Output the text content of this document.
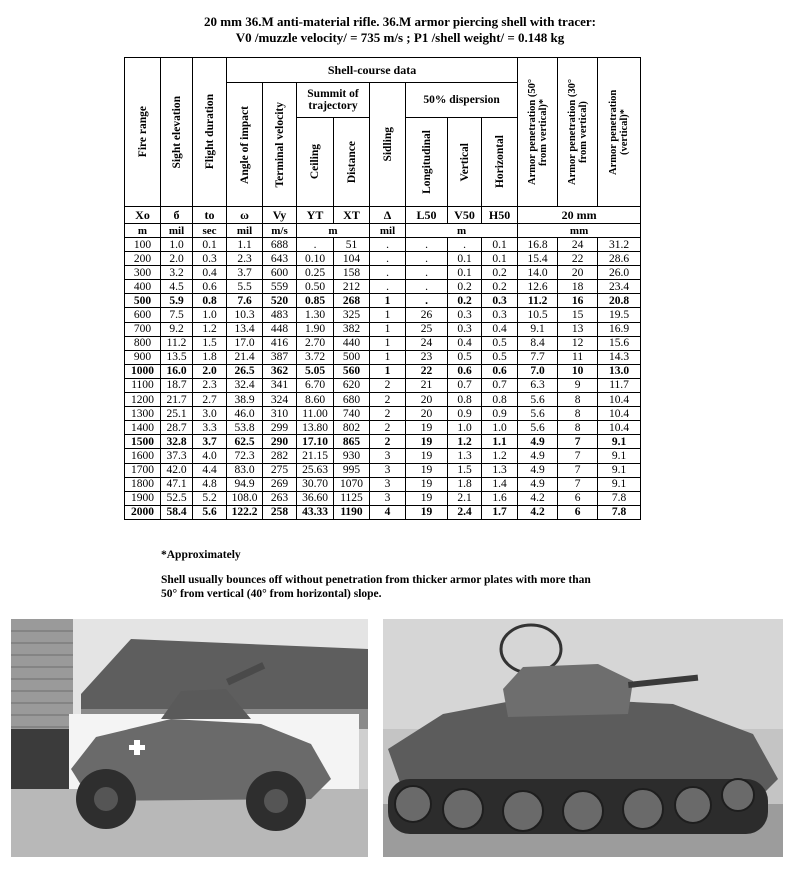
20 mm 36.M anti-material rifle. 36.M armor piercing shell with tracer:
V0 /muzzle velocity/ = 735 m/s ; P1 /shell weight/ = 0.148 kg
Fire range	Sight elevation	Flight duration	Shell-course data								Armor penetration (50° from vertical)*	Armor penetration (30° from vertical)	Armor penetration (vertical)*

			Angle of impact	Terminal velocity	Summit of trajectory		Sidling	50% dispersion					

					Ceiling	Distance		Longitudinal	Vertical	Horizontal			

Xo	б	to	ω	Vy	YT	XT	Δ	L50	V50	H50	20 mm		
m	mil	sec	mil	m/s	m		mil	m			mm		
100	1.0	0.1	1.1	688	.	51	.	.	.	0.1	16.8	24	31.2
200	2.0	0.3	2.3	643	0.10	104	.	.	0.1	0.1	15.4	22	28.6
300	3.2	0.4	3.7	600	0.25	158	.	.	0.1	0.2	14.0	20	26.0
400	4.5	0.6	5.5	559	0.50	212	.	.	0.2	0.2	12.6	18	23.4
500	5.9	0.8	7.6	520	0.85	268	1	.	0.2	0.3	11.2	16	20.8
600	7.5	1.0	10.3	483	1.30	325	1	26	0.3	0.3	10.5	15	19.5
700	9.2	1.2	13.4	448	1.90	382	1	25	0.3	0.4	9.1	13	16.9
800	11.2	1.5	17.0	416	2.70	440	1	24	0.4	0.5	8.4	12	15.6
900	13.5	1.8	21.4	387	3.72	500	1	23	0.5	0.5	7.7	11	14.3
1000	16.0	2.0	26.5	362	5.05	560	1	22	0.6	0.6	7.0	10	13.0
1100	18.7	2.3	32.4	341	6.70	620	2	21	0.7	0.7	6.3	9	11.7
1200	21.7	2.7	38.9	324	8.60	680	2	20	0.8	0.8	5.6	8	10.4
1300	25.1	3.0	46.0	310	11.00	740	2	20	0.9	0.9	5.6	8	10.4
1400	28.7	3.3	53.8	299	13.80	802	2	19	1.0	1.0	5.6	8	10.4
1500	32.8	3.7	62.5	290	17.10	865	2	19	1.2	1.1	4.9	7	9.1
1600	37.3	4.0	72.3	282	21.15	930	3	19	1.3	1.2	4.9	7	9.1
1700	42.0	4.4	83.0	275	25.63	995	3	19	1.5	1.3	4.9	7	9.1
1800	47.1	4.8	94.9	269	30.70	1070	3	19	1.8	1.4	4.9	7	9.1
1900	52.5	5.2	108.0	263	36.60	1125	3	19	2.1	1.6	4.2	6	7.8
2000	58.4	5.6	122.2	258	43.33	1190	4	19	2.4	1.7	4.2	6	7.8
*Approximately
Shell usually bounces off without penetration from thicker armor plates with more than
50° from vertical (40° from horizontal) slope.
